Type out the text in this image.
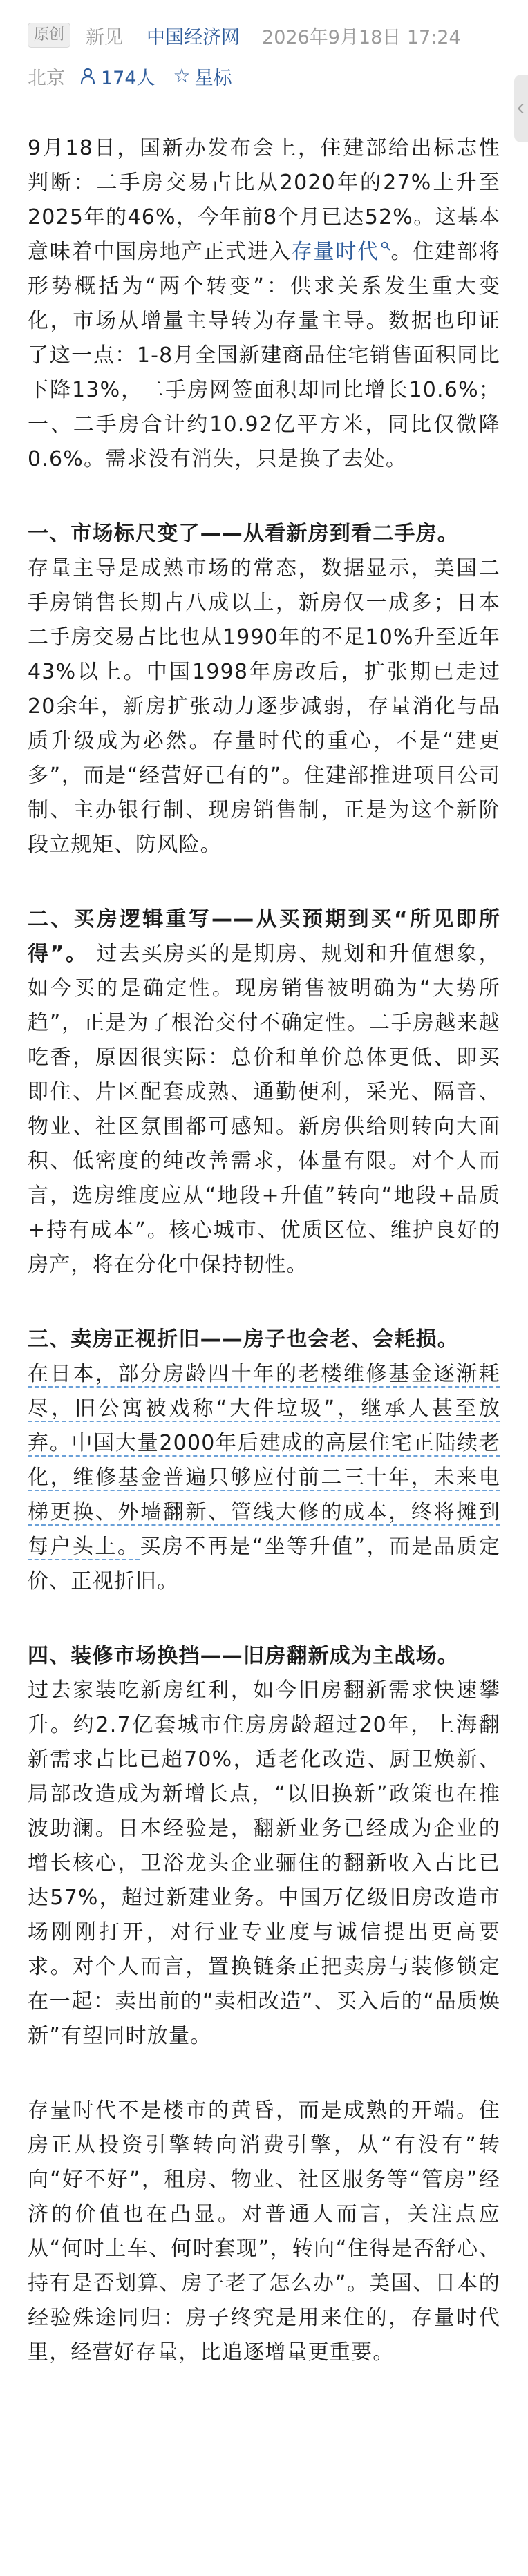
原创	新见 中国经济网 2026年9月18日 17:24
北京 174人 ☆ 星标

9月18日，国新办发布会上，住建部给出标志性判断：二手房交易占比从2020年的27%上升至2025年的46%，今年前8个月已达52%。这基本意味着中国房地产正式进入存量时代 。住建部将形势概括为“两个转变”：供求关系发生重大变化，市场从增量主导转为存量主导。数据也印证了这一点：1-8月全国新建商品住宅销售面积同比下降13%，二手房网签面积却同比增长10.6%；一、二手房合计约10.92亿平方米，同比仅微降0.6%。需求没有消失，只是换了去处。

一、市场标尺变了——从看新房到看二手房。
存量主导是成熟市场的常态，数据显示，美国二手房销售长期占八成以上，新房仅一成多；日本二手房交易占比也从1990年的不足10%升至近年43%以上。中国1998年房改后，扩张期已走过20余年，新房扩张动力逐步减弱，存量消化与品质升级成为必然。存量时代的重心，不是“建更多”，而是“经营好已有的”。住建部推进项目公司制、主办银行制、现房销售制，正是为这个新阶段立规矩、防风险。

二、买房逻辑重写——从买预期到买“所见即所得”。 过去买房买的是期房、规划和升值想象，如今买的是确定性。现房销售被明确为“大势所趋”，正是为了根治交付不确定性。二手房越来越吃香，原因很实际：总价和单价总体更低、即买即住、片区配套成熟、通勤便利，采光、隔音、物业、社区氛围都可感知。新房供给则转向大面积、低密度的纯改善需求，体量有限。对个人而言，选房维度应从“地段+升值”转向“地段+品质+持有成本”。核心城市、优质区位、维护良好的房产，将在分化中保持韧性。

三、卖房正视折旧——房子也会老、会耗损。
在日本，部分房龄四十年的老楼维修基金逐渐耗尽，旧公寓被戏称“大件垃圾”，继承人甚至放弃。中国大量2000年后建成的高层住宅正陆续老化，维修基金普遍只够应付前二三十年，未来电梯更换、外墙翻新、管线大修的成本，终将摊到每户头上。买房不再是“坐等升值”，而是品质定价、正视折旧。

四、装修市场换挡——旧房翻新成为主战场。
过去家装吃新房红利，如今旧房翻新需求快速攀升。约2.7亿套城市住房房龄超过20年，上海翻新需求占比已超70%，适老化改造、厨卫焕新、局部改造成为新增长点，“以旧换新”政策也在推波助澜。日本经验是，翻新业务已经成为企业的增长核心，卫浴龙头企业骊住的翻新收入占比已达57%，超过新建业务。中国万亿级旧房改造市场刚刚打开，对行业专业度与诚信提出更高要求。对个人而言，置换链条正把卖房与装修锁定在一起：卖出前的“卖相改造”、买入后的“品质焕新”有望同时放量。

存量时代不是楼市的黄昏，而是成熟的开端。住房正从投资引擎转向消费引擎，从“有没有”转向“好不好”，租房、物业、社区服务等“管房”经济的价值也在凸显。对普通人而言，关注点应从“何时上车、何时套现”，转向“住得是否舒心、持有是否划算、房子老了怎么办”。美国、日本的经验殊途同归：房子终究是用来住的，存量时代里，经营好存量，比追逐增量更重要。
